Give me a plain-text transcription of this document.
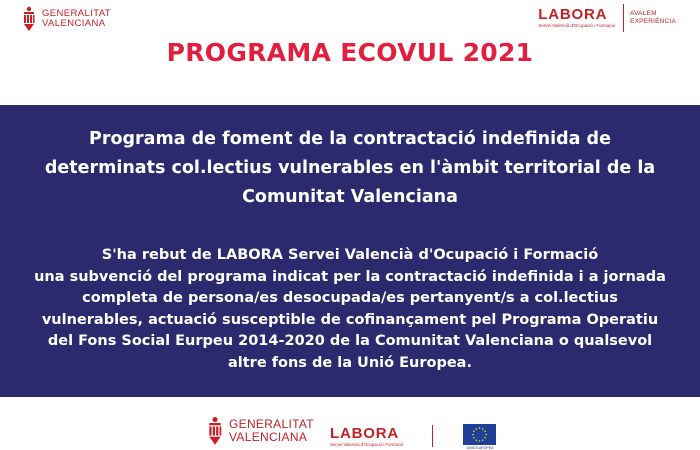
GENERALITAT
VALENCIANA
LABORA
Servei Valencià d'Ocupació i Formació
AVALEM
EXPERIÈNCIA
PROGRAMA ECOVUL 2021
Programa de foment de la contractació indefinida de
determinats col.lectius vulnerables en l'àmbit territorial de la
Comunitat Valenciana

S'ha rebut de LABORA Servei Valencià d'Ocupació i Formació
una subvenció del programa indicat per la contractació indefinida i a jornada
completa de persona/es desocupada/es pertanyent/s a col.lectius
vulnerables, actuació susceptible de cofinançament pel Programa Operatiu
del Fons Social Eurpeu 2014-2020 de la Comunitat Valenciana o qualsevol
altre fons de la Unió Europea.

GENERALITAT
VALENCIANA	LABORA
Servei Valencià d'Ocupació i Formació
UNIÓ EUROPEA
